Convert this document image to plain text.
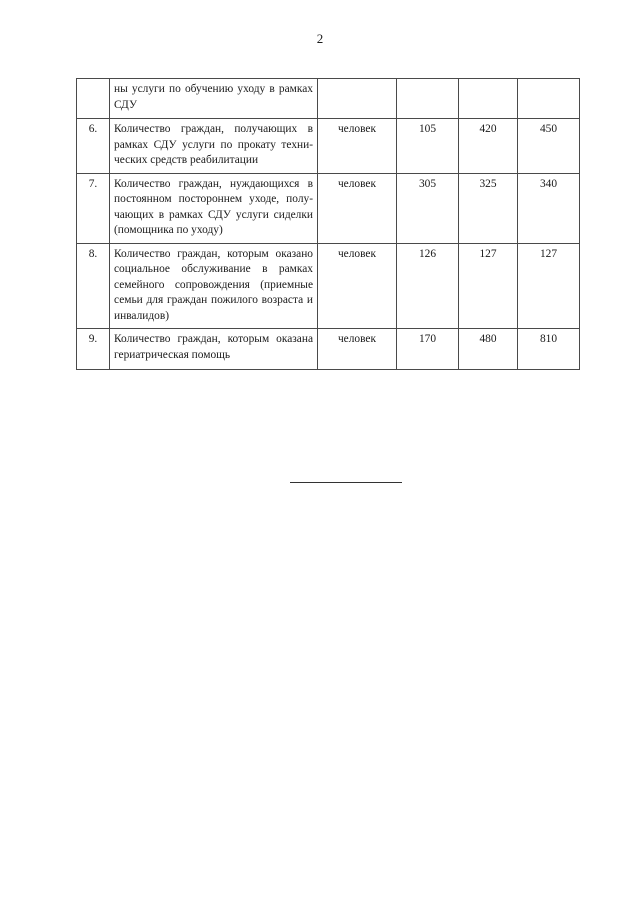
2
	ны услуги по обучению уходу в рамках СДУ				
6.	Количество граждан, получающих в рамках СДУ услуги по прокату технических средств реабилитации	человек	105	420	450
7.	Количество граждан, нуждающихся в постоянном постороннем уходе, получающих в рамках СДУ услуги сиделки (помощника по уходу)	человек	305	325	340
8.	Количество граждан, которым оказано социальное обслуживание в рамках семейного сопровождения (приемные семьи для граждан пожилого возраста и инвалидов)	человек	126	127	127
9.	Количество граждан, которым оказана гериатрическая помощь	человек	170	480	810
